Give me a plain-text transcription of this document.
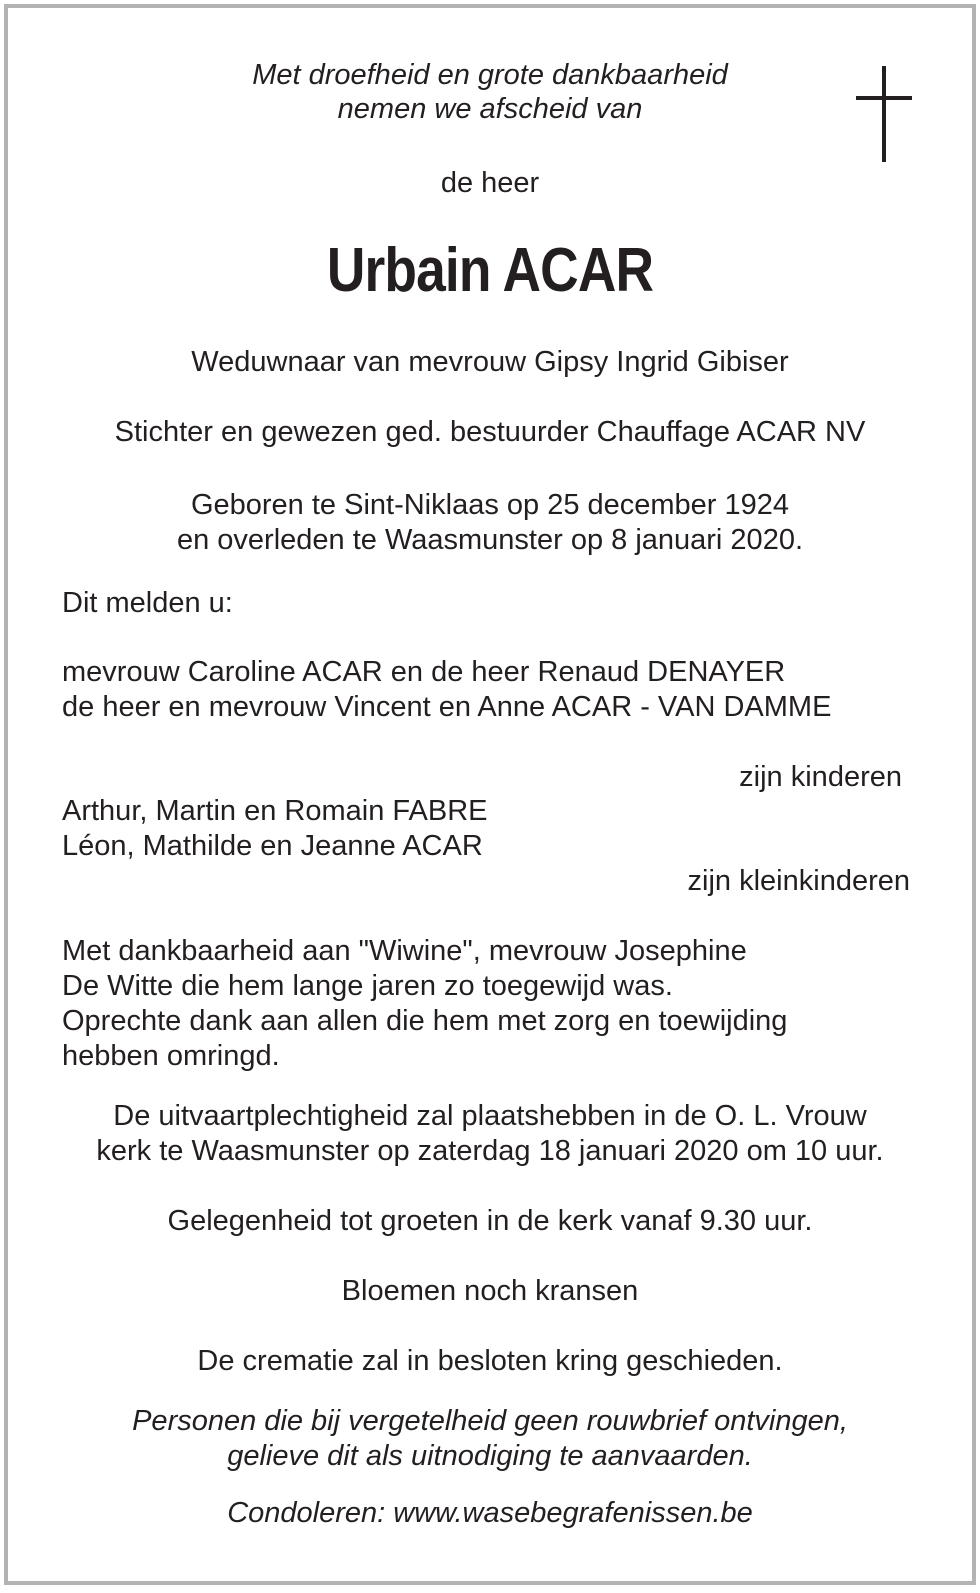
Met droefheid en grote dankbaarheid

nemen we afscheid van

de heer

Urbain ACAR

Weduwnaar van mevrouw Gipsy Ingrid Gibiser

Stichter en gewezen ged. bestuurder Chauffage ACAR NV

Geboren te Sint-Niklaas op 25 december 1924

en overleden te Waasmunster op 8 januari 2020.

Dit melden u:

mevrouw Caroline ACAR en de heer Renaud DENAYER

de heer en mevrouw Vincent en Anne ACAR - VAN DAMME

zijn kinderen

Arthur, Martin en Romain FABRE

Léon, Mathilde en Jeanne ACAR

zijn kleinkinderen

Met dankbaarheid aan "Wiwine", mevrouw Josephine

De Witte die hem lange jaren zo toegewijd was.

Oprechte dank aan allen die hem met zorg en toewijding

hebben omringd.

De uitvaartplechtigheid zal plaatshebben in de O. L. Vrouw

kerk te Waasmunster op zaterdag 18 januari 2020 om 10 uur.

Gelegenheid tot groeten in de kerk vanaf 9.30 uur.

Bloemen noch kransen

De crematie zal in besloten kring geschieden.

Personen die bij vergetelheid geen rouwbrief ontvingen,

gelieve dit als uitnodiging te aanvaarden.

Condoleren: www.wasebegrafenissen.be
